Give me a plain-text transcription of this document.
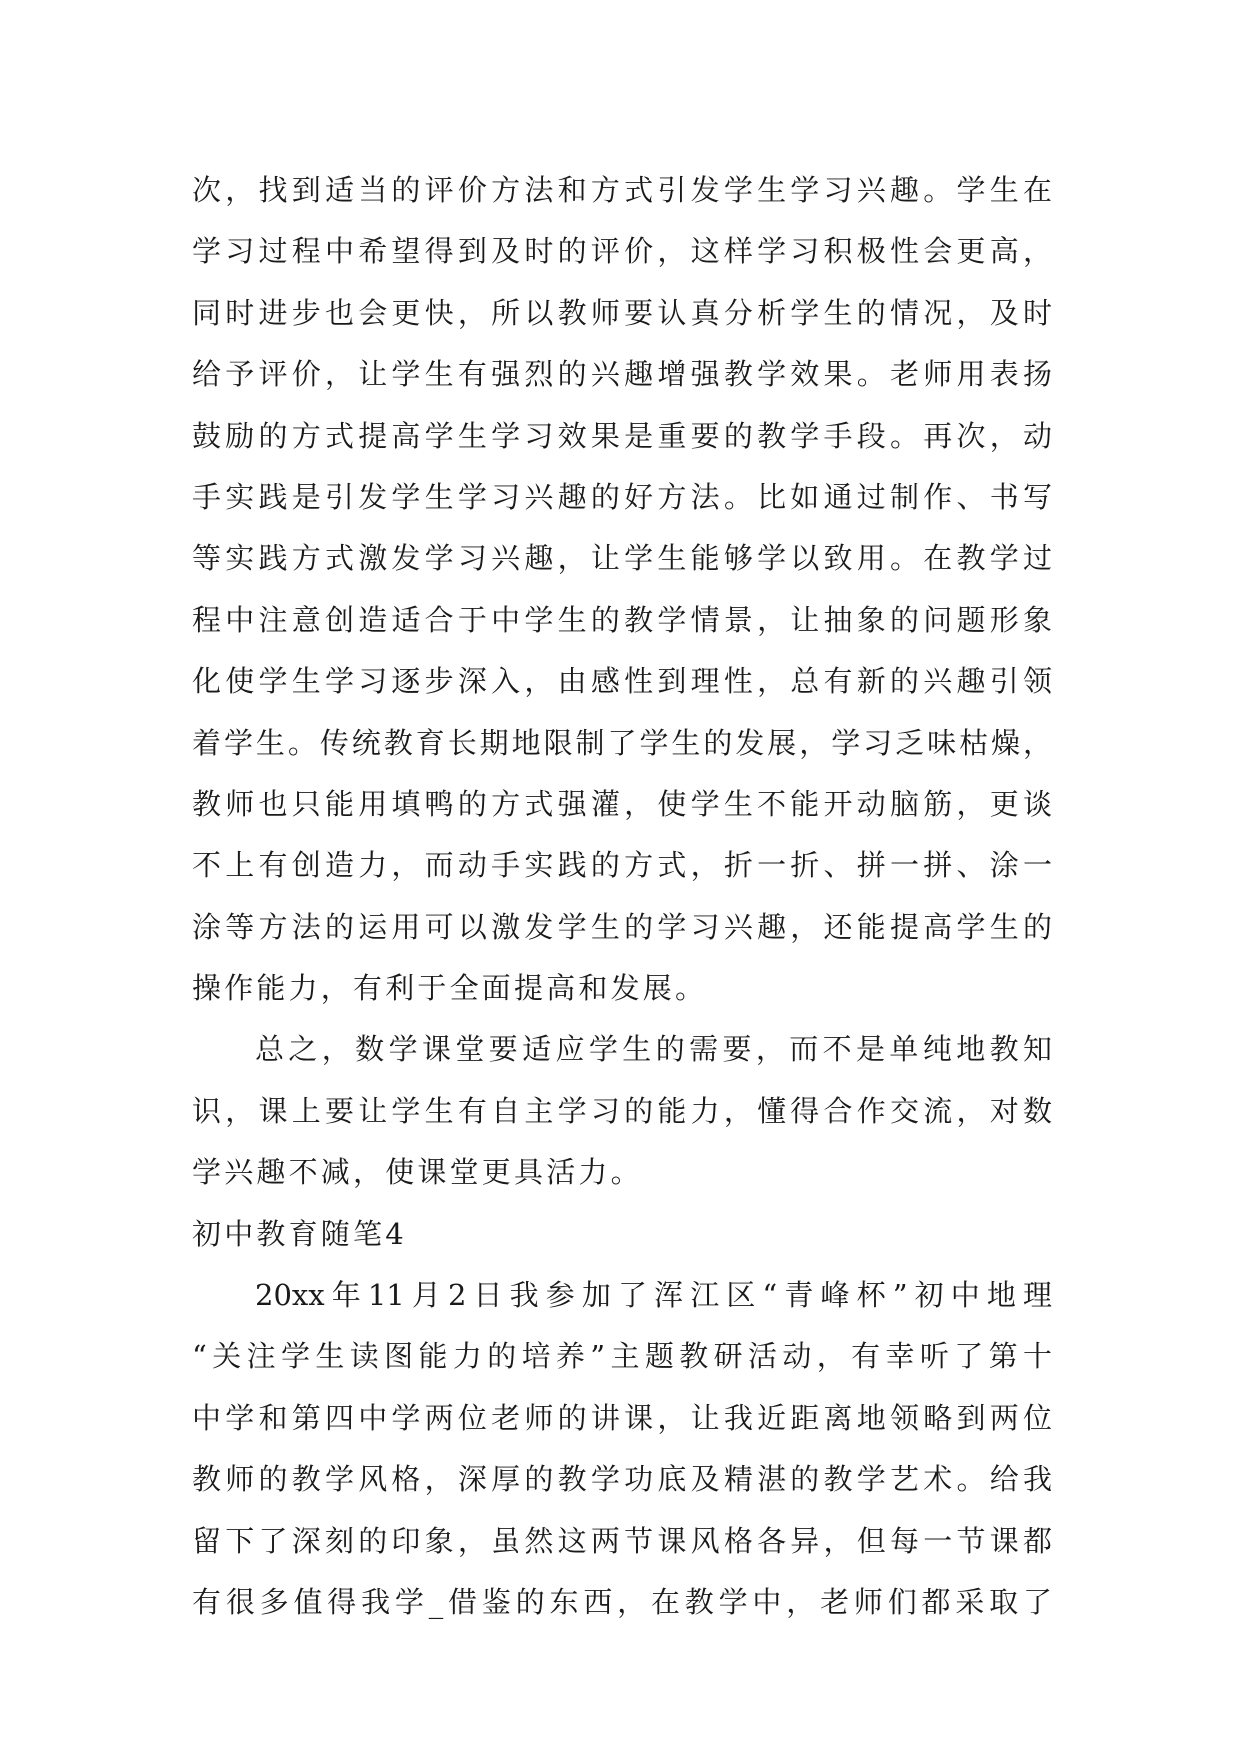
次，找到适当的评价方法和方式引发学生学习兴趣。学生在
学习过程中希望得到及时的评价，这样学习积极性会更高，
同时进步也会更快，所以教师要认真分析学生的情况，及时
给予评价，让学生有强烈的兴趣增强教学效果。老师用表扬
鼓励的方式提高学生学习效果是重要的教学手段。再次，动
手实践是引发学生学习兴趣的好方法。比如通过制作、书写
等实践方式激发学习兴趣，让学生能够学以致用。在教学过
程中注意创造适合于中学生的教学情景，让抽象的问题形象
化使学生学习逐步深入，由感性到理性，总有新的兴趣引领
着学生。传统教育长期地限制了学生的发展，学习乏味枯燥，
教师也只能用填鸭的方式强灌，使学生不能开动脑筋，更谈
不上有创造力，而动手实践的方式，折一折、拼一拼、涂一
涂等方法的运用可以激发学生的学习兴趣，还能提高学生的
操作能力，有利于全面提高和发展。
总之，数学课堂要适应学生的需要，而不是单纯地教知
识，课上要让学生有自主学习的能力，懂得合作交流，对数
学兴趣不减，使课堂更具活力。
初中教育随笔4
20xx年11月2日我参加了浑江区“青峰杯”初中地理
“关注学生读图能力的培养”主题教研活动，有幸听了第十
中学和第四中学两位老师的讲课，让我近距离地领略到两位
教师的教学风格，深厚的教学功底及精湛的教学艺术。给我
留下了深刻的印象，虽然这两节课风格各异，但每一节课都
有很多值得我学_借鉴的东西，在教学中，老师们都采取了
